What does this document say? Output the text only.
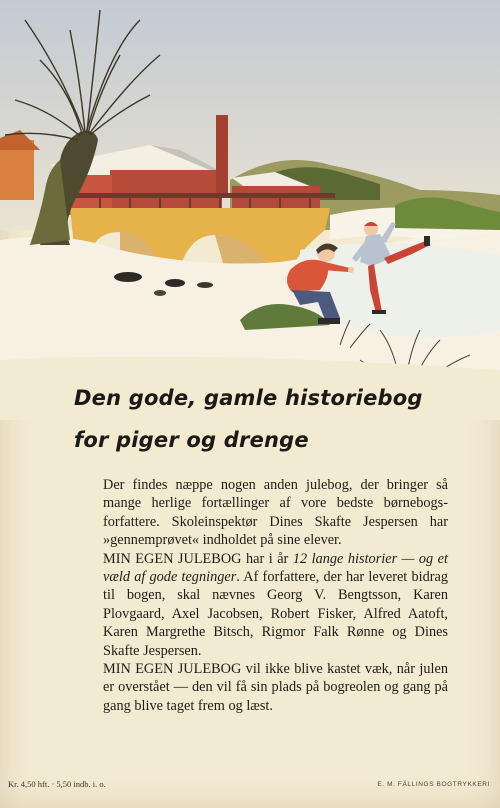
Den gode, gamle historiebog
for piger og drenge

Der findes næppe nogen anden julebog, der bringer så mange herlige fortællinger af vore bedste børnebogs-forfattere. Skoleinspektør Dines Skafte Jespersen har »gennemprøvet« indholdet på sine elever.

MIN EGEN JULEBOG har i år 12 lange historier — og et væld af gode tegninger. Af forfattere, der har leveret bidrag til bogen, skal nævnes Georg V. Bengtsson, Karen Plovgaard, Axel Jacobsen, Robert Fisker, Alfred Aatoft, Karen Margrethe Bitsch, Rigmor Falk Rønne og Dines Skafte Jespersen.

MIN EGEN JULEBOG vil ikke blive kastet væk, når julen er overstået — den vil få sin plads på bogreolen og gang på gang blive taget frem og læst.

Kr. 4,50 hft. · 5,50 indb. i. o.	E. M. FÄLLINGS BOGTRYKKERI
